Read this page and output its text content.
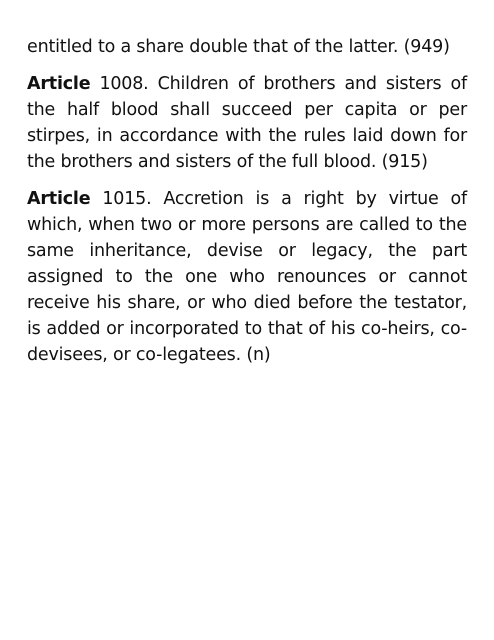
entitled to a share double that of the latter. (949)

Article 1008. Children of brothers and sisters of the half blood shall succeed per capita or per stirpes, in accordance with the rules laid down for the brothers and sisters of the full blood. (915)

Article 1015. Accretion is a right by virtue of which, when two or more persons are called to the same inheritance, devise or legacy, the part assigned to the one who renounces or cannot receive his share, or who died before the testator, is added or incorporated to that of his co-heirs, co-devisees, or co-legatees. (n)
